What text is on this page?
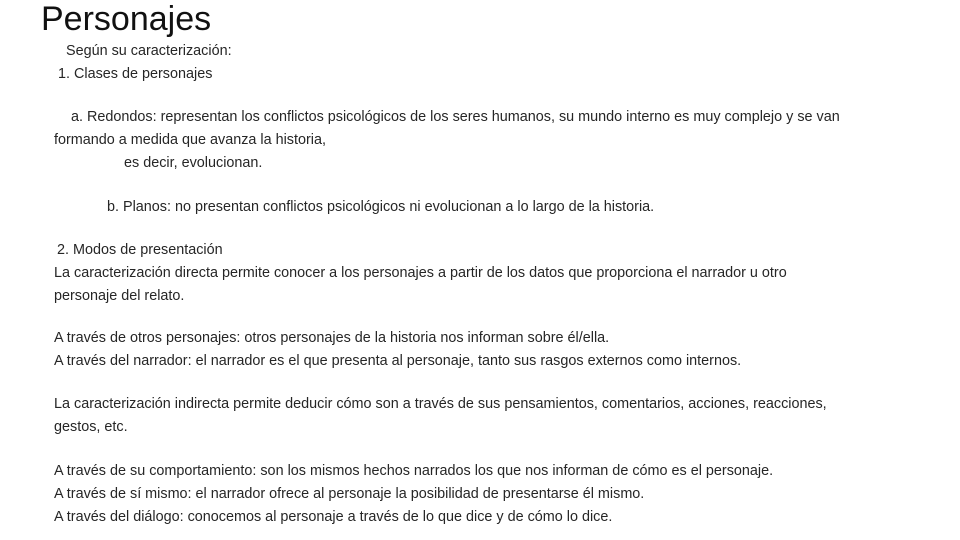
Personajes
Según su caracterización:
1. Clases de personajes
a. Redondos: representan los conflictos psicológicos de los seres humanos, su mundo interno es muy complejo y se van
formando a medida que avanza la historia,
es decir, evolucionan.
b. Planos: no presentan conflictos psicológicos ni evolucionan a lo largo de la historia.
2. Modos de presentación
La caracterización directa permite conocer a los personajes a partir de los datos que proporciona el narrador u otro
personaje del relato.
A través de otros personajes: otros personajes de la historia nos informan sobre él/ella.
A través del narrador: el narrador es el que presenta al personaje, tanto sus rasgos externos como internos.
La caracterización indirecta permite deducir cómo son a través de sus pensamientos, comentarios, acciones, reacciones,
gestos, etc.
A través de su comportamiento: son los mismos hechos narrados los que nos informan de cómo es el personaje.
A través de sí mismo: el narrador ofrece al personaje la posibilidad de presentarse él mismo.
A través del diálogo: conocemos al personaje a través de lo que dice y de cómo lo dice.
